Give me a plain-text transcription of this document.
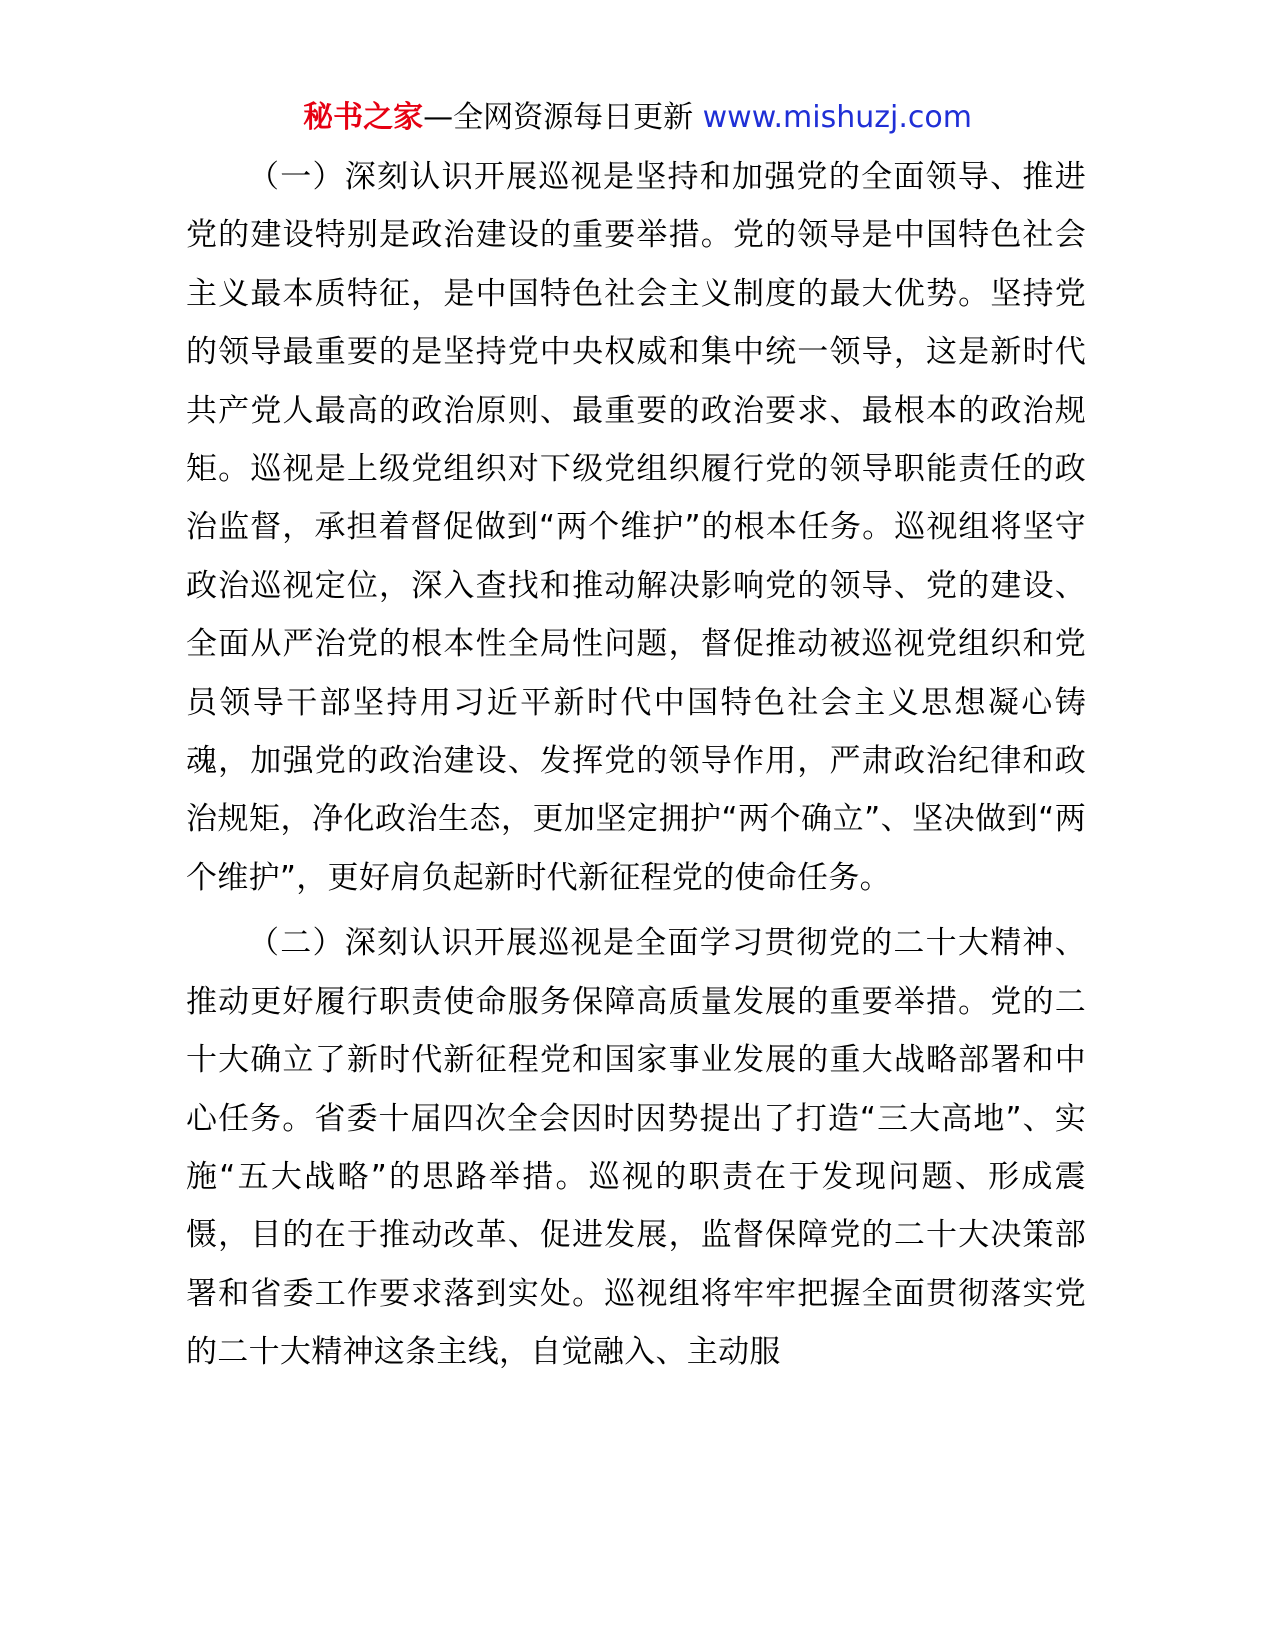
秘书之家—全网资源每日更新 www.mishuzj.com

（一）深刻认识开展巡视是坚持和加强党的全面领导、推进党的建设特别是政治建设的重要举措。党的领导是中国特色社会主义最本质特征，是中国特色社会主义制度的最大优势。坚持党的领导最重要的是坚持党中央权威和集中统一领导，这是新时代共产党人最高的政治原则、最重要的政治要求、最根本的政治规矩。巡视是上级党组织对下级党组织履行党的领导职能责任的政治监督，承担着督促做到“两个维护”的根本任务。巡视组将坚守政治巡视定位，深入查找和推动解决影响党的领导、党的建设、全面从严治党的根本性全局性问题，督促推动被巡视党组织和党员领导干部坚持用习近平新时代中国特色社会主义思想凝心铸魂，加强党的政治建设、发挥党的领导作用，严肃政治纪律和政治规矩，净化政治生态，更加坚定拥护“两个确立”、坚决做到“两个维护”，更好肩负起新时代新征程党的使命任务。

（二）深刻认识开展巡视是全面学习贯彻党的二十大精神、推动更好履行职责使命服务保障高质量发展的重要举措。党的二十大确立了新时代新征程党和国家事业发展的重大战略部署和中心任务。省委十届四次全会因时因势提出了打造“三大高地”、实施“五大战略”的思路举措。巡视的职责在于发现问题、形成震慑，目的在于推动改革、促进发展，监督保障党的二十大决策部署和省委工作要求落到实处。巡视组将牢牢把握全面贯彻落实党的二十大精神这条主线，自觉融入、主动服
